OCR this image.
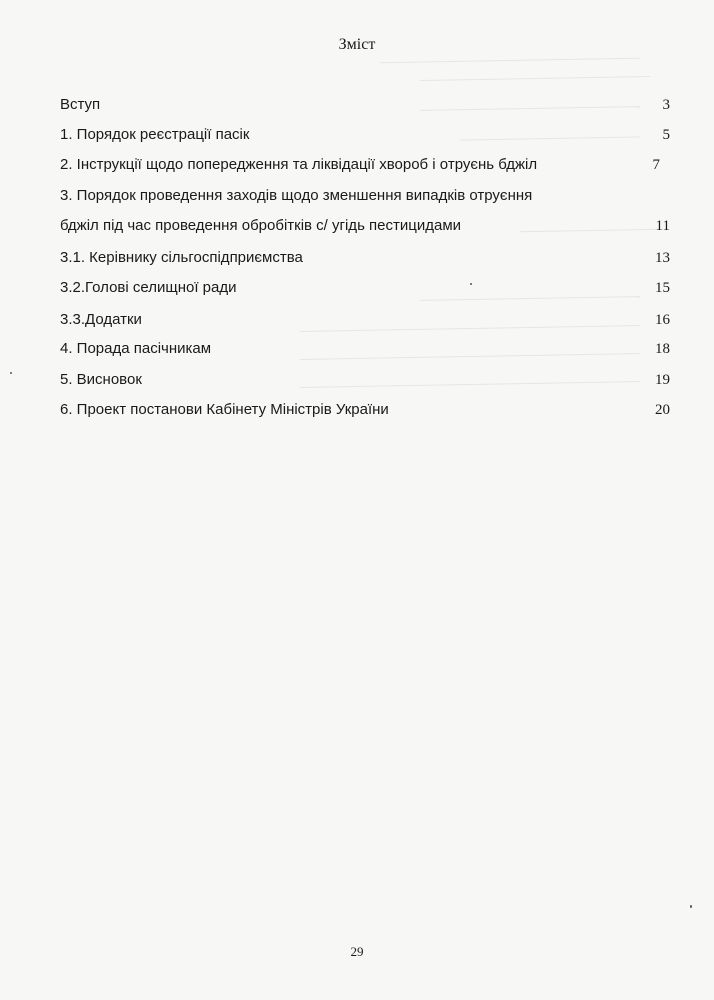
Зміст
Вступ	3
1. Порядок реєстрації пасік	5
2. Інструкції щодо попередження та ліквідації хвороб і отруєнь бджіл	7
3. Порядок проведення заходів щодо зменшення випадків отруєння
бджіл під час проведення обробітків с/ угідь пестицидами	11
3.1. Керівнику сільгоспідприємства	13
3.2.Голові селищної ради	15
3.3.Додатки	16
4. Порада пасічникам	18
5. Висновок	19
6. Проект постанови Кабінету Міністрів України	20
29
